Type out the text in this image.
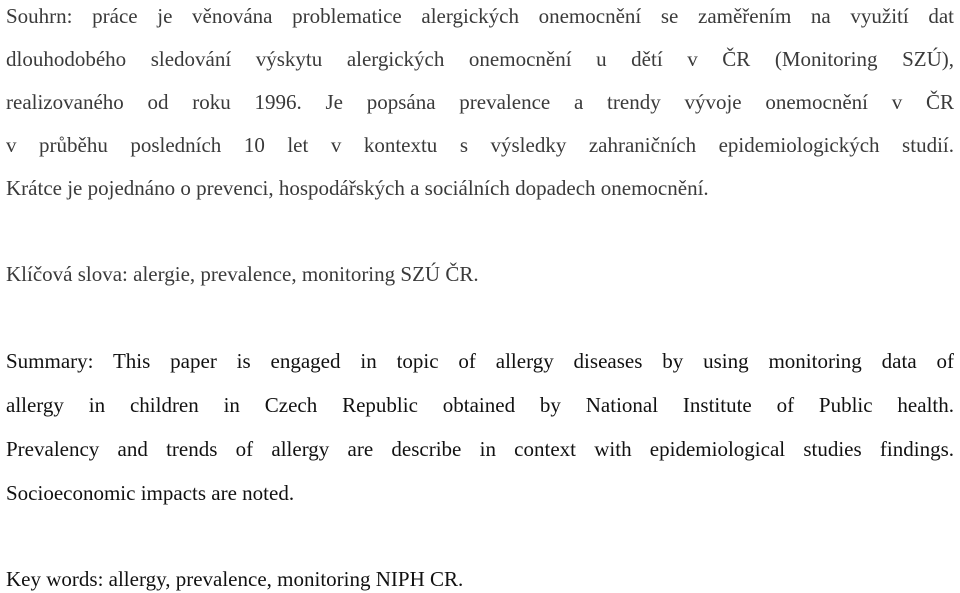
Souhrn: práce je věnována problematice alergických onemocnění se zaměřením na využití dat
dlouhodobého sledování výskytu alergických onemocnění u dětí v ČR (Monitoring SZÚ),
realizovaného od roku 1996. Je popsána prevalence a trendy vývoje onemocnění v ČR
v průběhu posledních 10 let v kontextu s výsledky zahraničních epidemiologických studií.
Krátce je pojednáno o prevenci, hospodářských a sociálních dopadech onemocnění.
Klíčová slova: alergie, prevalence, monitoring SZÚ ČR.
Summary: This paper is engaged in topic of allergy diseases by using monitoring data of
allergy in children in Czech Republic obtained by National Institute of Public health.
Prevalency and trends of allergy are describe in context with epidemiological studies findings.
Socioeconomic impacts are noted.
Key words: allergy, prevalence, monitoring NIPH CR.
